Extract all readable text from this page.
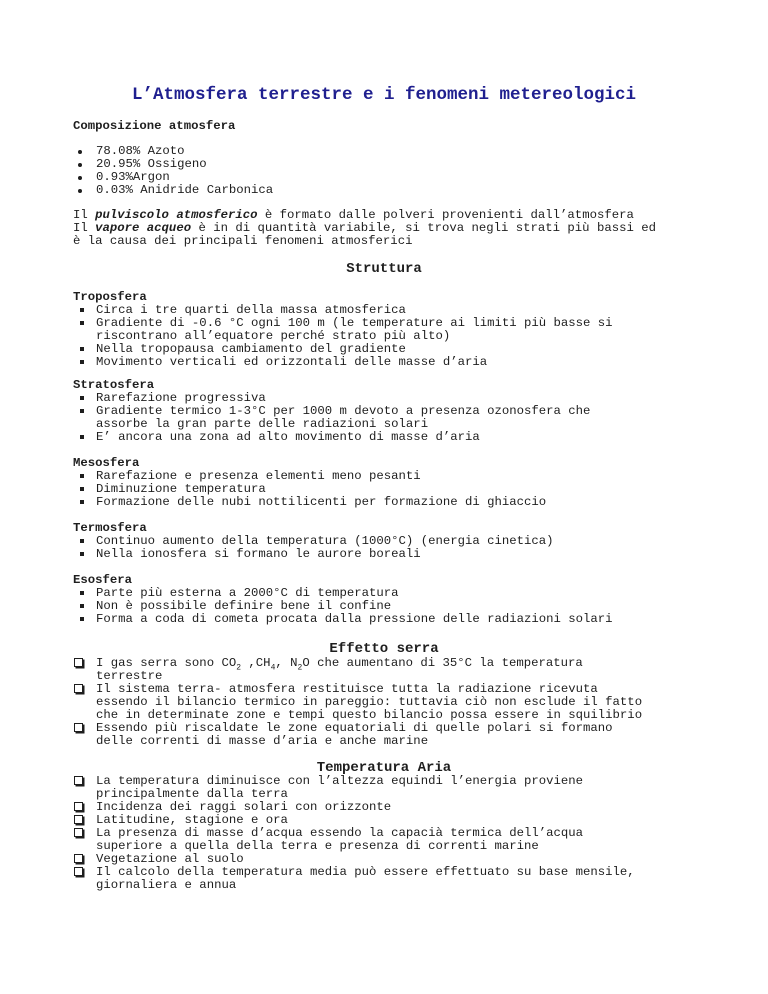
L’Atmosfera terrestre e i fenomeni metereologici
Composizione atmosfera
78.08% Azoto
20.95% Ossigeno
0.93%Argon
0.03% Anidride Carbonica
Il pulviscolo atmosferico è formato dalle polveri provenienti dall’atmosfera
Il vapore acqueo è in di quantità variabile, si trova negli strati più bassi ed
è la causa dei principali fenomeni atmosferici
Struttura
Troposfera
Circa i tre quarti della massa atmosferica
Gradiente di -0.6 °C ogni 100 m (le temperature ai limiti più basse si
riscontrano all’equatore perché strato più alto)
Nella tropopausa cambiamento del gradiente
Movimento verticali ed orizzontali delle masse d’aria
Stratosfera
Rarefazione progressiva
Gradiente termico 1-3°C per 1000 m devoto a presenza ozonosfera che
assorbe la gran parte delle radiazioni solari
E’ ancora una zona ad alto movimento di masse d’aria
Mesosfera
Rarefazione e presenza elementi meno pesanti
Diminuzione temperatura
Formazione delle nubi nottilicenti per formazione di ghiaccio
Termosfera
Continuo aumento della temperatura (1000°C) (energia cinetica)
Nella ionosfera si formano le aurore boreali
Esosfera
Parte più esterna a 2000°C di temperatura
Non è possibile definire bene il confine
Forma a coda di cometa procata dalla pressione delle radiazioni solari
Effetto serra
I gas serra sono $CO_2$ $,CH_4$, $N_2O$ che aumentano di 35°C la temperatura
terrestre
Il sistema terra- atmosfera restituisce tutta la radiazione ricevuta
essendo il bilancio termico in pareggio: tuttavia ciò non esclude il fatto
che in determinate zone e tempi questo bilancio possa essere in squilibrio
Essendo più riscaldate le zone equatoriali di quelle polari si formano
delle correnti di masse d’aria e anche marine
Temperatura Aria
La temperatura diminuisce con l’altezza equindi l’energia proviene
principalmente dalla terra
Incidenza dei raggi solari con orizzonte
Latitudine, stagione e ora
La presenza di masse d’acqua essendo la capacià termica dell’acqua
superiore a quella della terra e presenza di correnti marine
Vegetazione al suolo
Il calcolo della temperatura media può essere effettuato su base mensile,
giornaliera e annua
